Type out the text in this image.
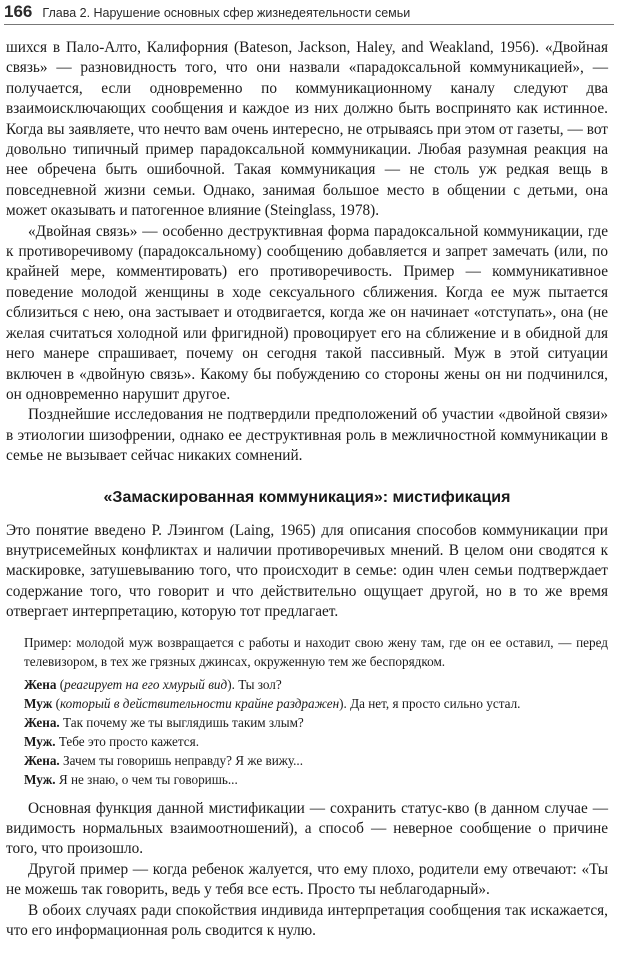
166 Глава 2. Нарушение основных сфер жизнедеятельности семьи

шихся в Пало-Алто, Калифорния (Bateson, Jackson, Haley, and Weakland, 1956). «Двойная связь» — разновидность того, что они назвали «парадоксальной коммуникацией», — получается, если одновременно по коммуникационному каналу следуют два взаимоисключающих сообщения и каждое из них должно быть воспринято как истинное. Когда вы заявляете, что нечто вам очень интересно, не отрываясь при этом от газеты, — вот довольно типичный пример парадоксальной коммуникации. Любая разумная реакция на нее обречена быть ошибочной. Такая коммуникация — не столь уж редкая вещь в повседневной жизни семьи. Однако, занимая большое место в общении с детьми, она может оказывать и патогенное влияние (Steinglass, 1978).

«Двойная связь» — особенно деструктивная форма парадоксальной коммуникации, где к противоречивому (парадоксальному) сообщению добавляется и запрет замечать (или, по крайней мере, комментировать) его противоречивость. Пример — коммуникативное поведение молодой женщины в ходе сексуального сближения. Когда ее муж пытается сблизиться с нею, она застывает и отодвигается, когда же он начинает «отступать», она (не желая считаться холодной или фригидной) провоцирует его на сближение и в обидной для него манере спрашивает, почему он сегодня такой пассивный. Муж в этой ситуации включен в «двойную связь». Какому бы побуждению со стороны жены он ни подчинился, он одновременно нарушит другое.

Позднейшие исследования не подтвердили предположений об участии «двойной связи» в этиологии шизофрении, однако ее деструктивная роль в межличностной коммуникации в семье не вызывает сейчас никаких сомнений.

«Замаскированная коммуникация»: мистификация

Это понятие введено Р. Лэингом (Laing, 1965) для описания способов коммуникации при внутрисемейных конфликтах и наличии противоречивых мнений. В целом они сводятся к маскировке, затушевыванию того, что происходит в семье: один член семьи подтверждает содержание того, что говорит и что действительно ощущает другой, но в то же время отвергает интерпретацию, которую тот предлагает.

Пример: молодой муж возвращается с работы и находит свою жену там, где он ее оставил, — перед телевизором, в тех же грязных джинсах, окруженную тем же беспорядком.
Жена (реагирует на его хмурый вид). Ты зол?
Муж (который в действительности крайне раздражен). Да нет, я просто сильно устал.
Жена. Так почему же ты выглядишь таким злым?
Муж. Тебе это просто кажется.
Жена. Зачем ты говоришь неправду? Я же вижу...
Муж. Я не знаю, о чем ты говоришь...

Основная функция данной мистификации — сохранить статус-кво (в данном случае — видимость нормальных взаимоотношений), а способ — неверное сообщение о причине того, что произошло.

Другой пример — когда ребенок жалуется, что ему плохо, родители ему отвечают: «Ты не можешь так говорить, ведь у тебя все есть. Просто ты неблагодарный».

В обоих случаях ради спокойствия индивида интерпретация сообщения так искажается, что его информационная роль сводится к нулю.
